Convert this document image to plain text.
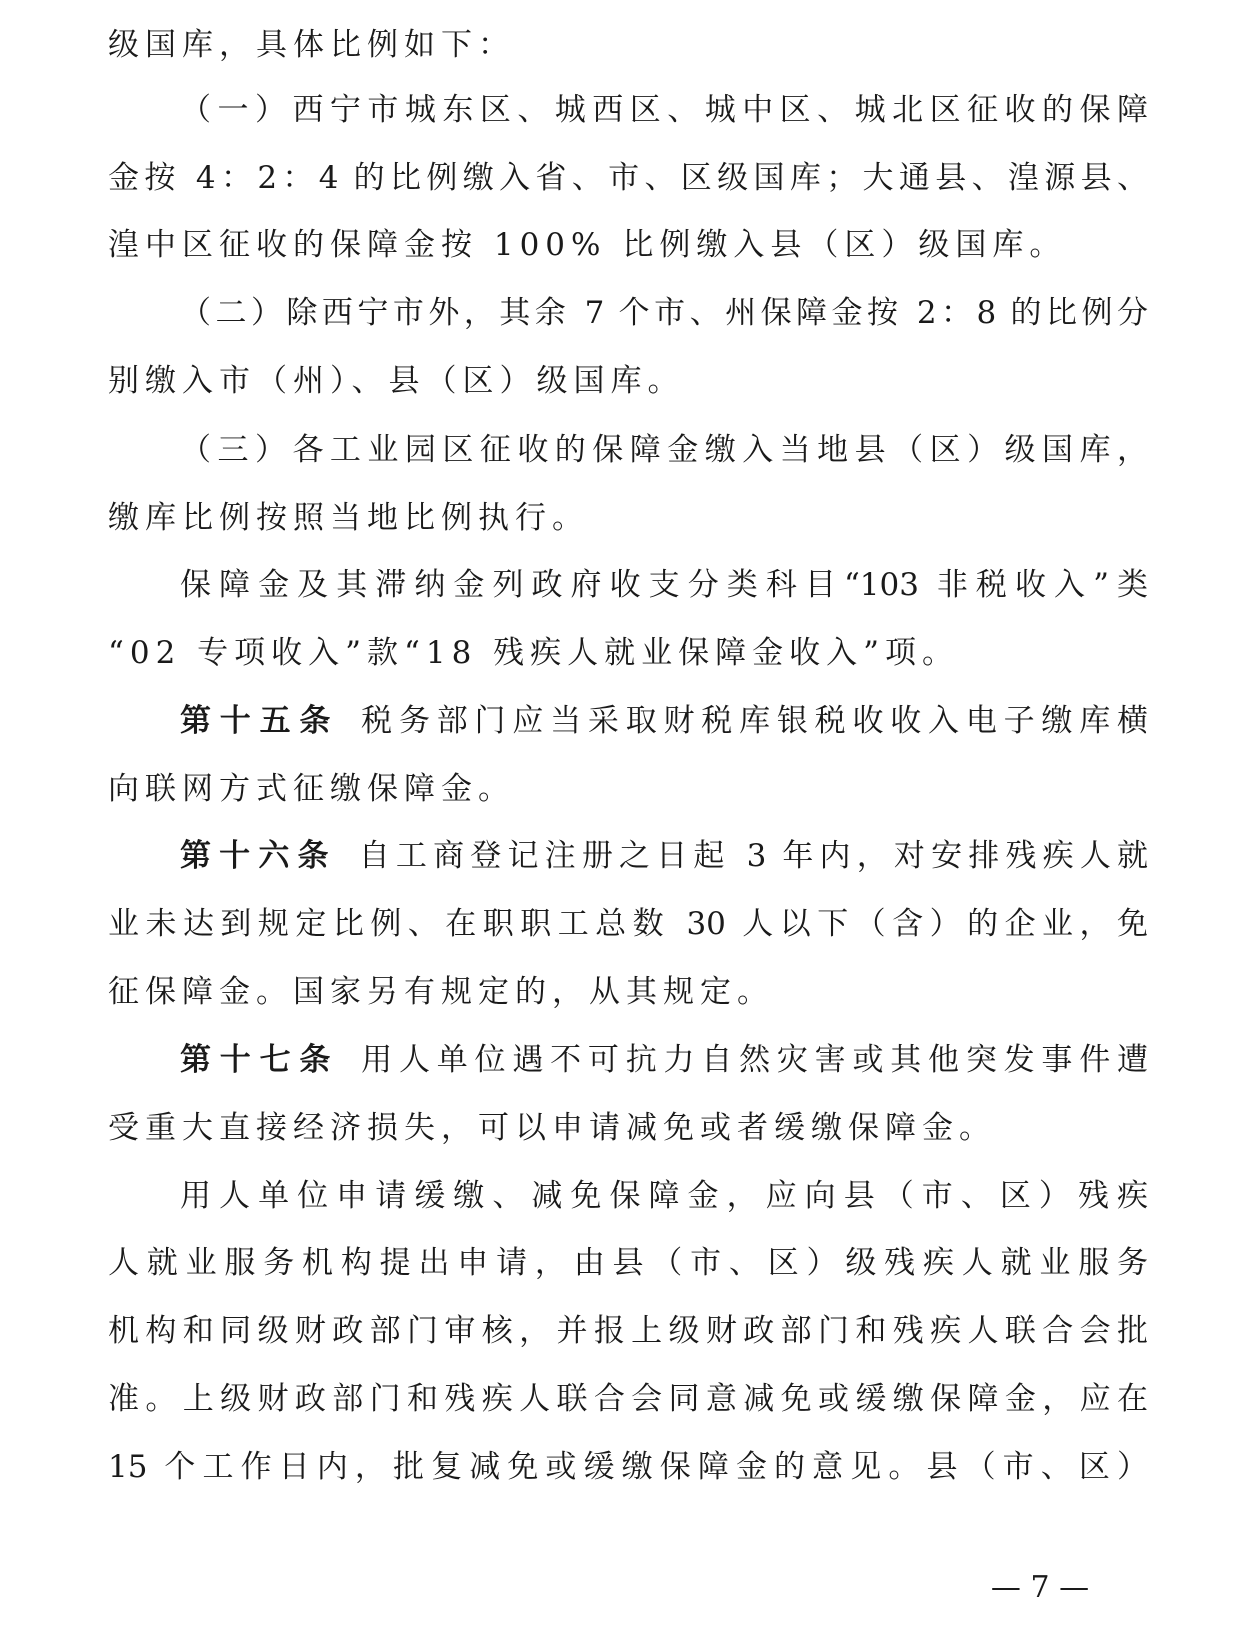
级国库，具体比例如下：
（一）西宁市城东区、城西区、城中区、城北区征收的保障
金按 4：2：4 的比例缴入省、市、区级国库；大通县、湟源县、
湟中区征收的保障金按 100% 比例缴入县（区）级国库。
（二）除西宁市外，其余 7 个市、州保障金按 2：8 的比例分
别缴入市（州）、县（区）级国库。
（三）各工业园区征收的保障金缴入当地县（区）级国库，
缴库比例按照当地比例执行。
保障金及其滞纳金列政府收支分类科目“103 非税收入”类
“02 专项收入”款“18 残疾人就业保障金收入”项。
第十五条 税务部门应当采取财税库银税收收入电子缴库横
向联网方式征缴保障金。
第十六条 自工商登记注册之日起 3 年内，对安排残疾人就
业未达到规定比例、在职职工总数 30 人以下（含）的企业，免
征保障金。国家另有规定的，从其规定。
第十七条 用人单位遇不可抗力自然灾害或其他突发事件遭
受重大直接经济损失，可以申请减免或者缓缴保障金。
用人单位申请缓缴、减免保障金，应向县（市、区）残疾
人就业服务机构提出申请，由县（市、区）级残疾人就业服务
机构和同级财政部门审核，并报上级财政部门和残疾人联合会批
准。上级财政部门和残疾人联合会同意减免或缓缴保障金，应在
15 个工作日内，批复减免或缓缴保障金的意见。县（市、区）
— 7 —
